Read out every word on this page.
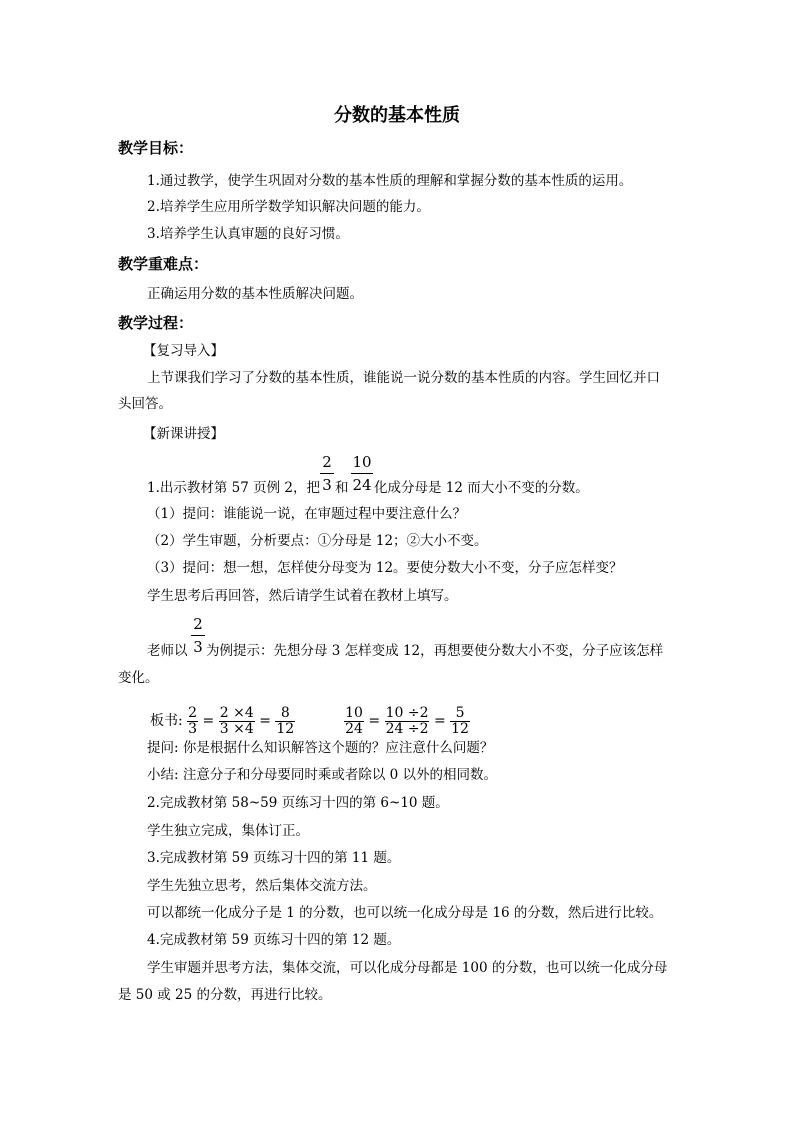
分数的基本性质
教学目标：
1.通过教学，使学生巩固对分数的基本性质的理解和掌握分数的基本性质的运用。
2.培养学生应用所学数学知识解决问题的能力。
3.培养学生认真审题的良好习惯。
教学重难点：
正确运用分数的基本性质解决问题。
教学过程：
【复习导入】
上节课我们学习了分数的基本性质，谁能说一说分数的基本性质的内容。学生回忆并口
头回答。
【新课讲授】
1.出示教材第 57 页例 2，把 $\frac{2}{3}$ 和 $\frac{10}{24}$ 化成分母是 12 而大小不变的分数。
（1）提问：谁能说一说，在审题过程中要注意什么？
（2）学生审题，分析要点：①分母是 12；②大小不变。
（3）提问：想一想，怎样使分母变为 12。要使分数大小不变，分子应怎样变？
学生思考后再回答，然后请学生试着在教材上填写。
老师以 $\frac{2}{3}$ 为例提示：先想分母 3 怎样变成 12，再想要使分数大小不变，分子应该怎样
变化。
板书: $\frac{2}{3} = \frac{2 \times 4}{3 \times 4} = \frac{8}{12}$
	$\frac{10}{24} = \frac{10 \div 2}{24 \div 2} = \frac{5}{12}$
提问: 你是根据什么知识解答这个题的？应注意什么问题？
小结: 注意分子和分母要同时乘或者除以 0 以外的相同数。
2.完成教材第 58~59 页练习十四的第 6~10 题。
学生独立完成，集体订正。
3.完成教材第 59 页练习十四的第 11 题。
学生先独立思考，然后集体交流方法。
可以都统一化成分子是 1 的分数，也可以统一化成分母是 16 的分数，然后进行比较。
4.完成教材第 59 页练习十四的第 12 题。
学生审题并思考方法，集体交流，可以化成分母都是 100 的分数，也可以统一化成分母
是 50 或 25 的分数，再进行比较。
